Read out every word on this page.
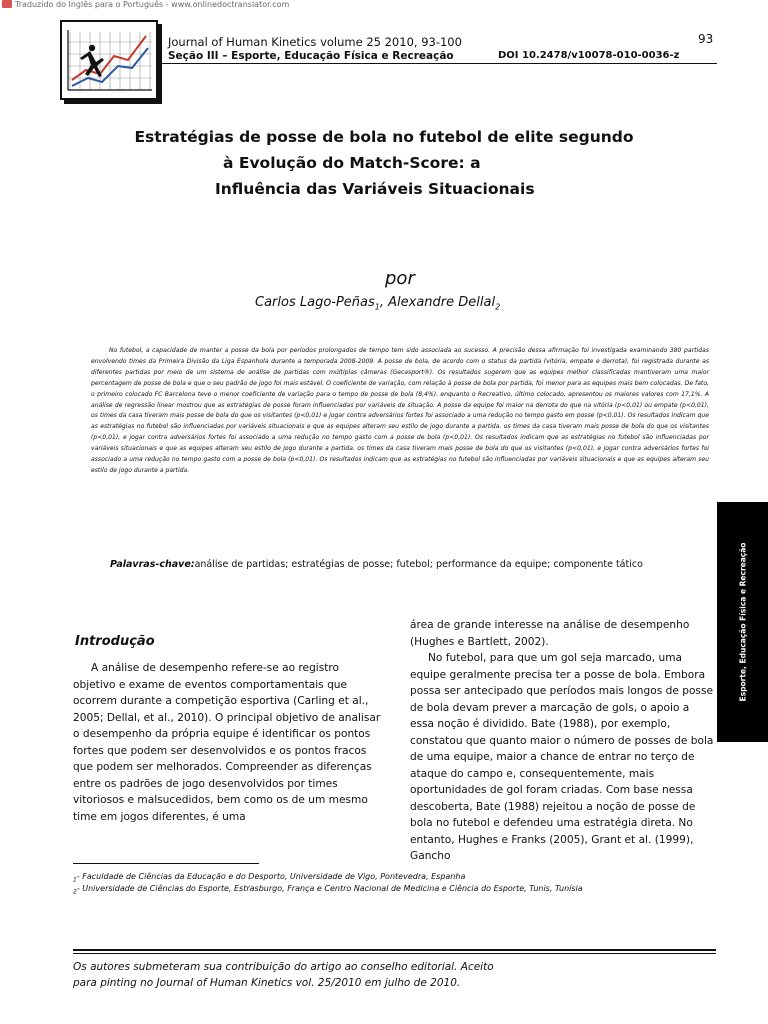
Traduzido do Inglês para o Português - www.onlinedoctranslator.com
Journal of Human Kinetics volume 25 2010, 93-100
Seção III – Esporte, Educação Física e Recreação	DOI 10.2478/v10078-010-0036-z
93
Estratégias de posse de bola no futebol de elite segundo
à Evolução do Match-Score: a
Influência das Variáveis Situacionais
por
Carlos Lago-Peñas$_1$, Alexandre Dellal$_2$
No futebol, a capacidade de manter a posse da bola por períodos prolongados de tempo tem sido associada ao sucesso. A precisão dessa afirmação foi investigada examinando 380 partidas envolvendo times da Primeira Divisão da Liga Espanhola durante a temporada 2008-2009. A posse de bola, de acordo com o status da partida (vitória, empate e derrota), foi registrada durante as diferentes partidas por meio de um sistema de análise de partidas com múltiplas câmeras (Gecasport®). Os resultados sugerem que as equipes melhor classificadas mantiveram uma maior percentagem de posse de bola e que o seu padrão de jogo foi mais estável. O coeficiente de variação, com relação à posse de bola por partida, foi menor para as equipes mais bem colocadas. De fato, o primeiro colocado FC Barcelona teve o menor coeficiente de variação para o tempo de posse de bola (8,4%). enquanto o Recreativo, último colocado, apresentou os maiores valores com 17,1%. A análise de regressão linear mostrou que as estratégias de posse foram influenciadas por variáveis de situação. A posse da equipe foi maior na derrota do que na vitória (p<0,01) ou empate (p<0,01), os times da casa tiveram mais posse de bola do que os visitantes (p<0,01) e jogar contra adversários fortes foi associado a uma redução no tempo gasto em posse (p<0,01). Os resultados indicam que as estratégias no futebol são influenciadas por variáveis situacionais e que as equipes alteram seu estilo de jogo durante a partida. os times da casa tiveram mais posse de bola do que os visitantes (p<0,01), e jogar contra adversários fortes foi associado a uma redução no tempo gasto com a posse de bola (p<0,01). Os resultados indicam que as estratégias no futebol são influenciadas por variáveis situacionais e que as equipes alteram seu estilo de jogo durante a partida. os times da casa tiveram mais posse de bola do que os visitantes (p<0,01), e jogar contra adversários fortes foi associado a uma redução no tempo gasto com a posse de bola (p<0,01). Os resultados indicam que as estratégias no futebol são influenciadas por variáveis situacionais e que as equipes alteram seu estilo de jogo durante a partida.
Palavras-chave:análise de partidas; estratégias de posse; futebol; performance da equipe; componente tático
Introdução

A análise de desempenho refere-se ao registro objetivo e exame de eventos comportamentais que ocorrem durante a competição esportiva (Carling et al., 2005; Dellal, et al., 2010). O principal objetivo de analisar o desempenho da própria equipe é identificar os pontos fortes que podem ser desenvolvidos e os pontos fracos que podem ser melhorados. Compreender as diferenças entre os padrões de jogo desenvolvidos por times vitoriosos e malsucedidos, bem como os de um mesmo time em jogos diferentes, é uma

área de grande interesse na análise de desempenho (Hughes e Bartlett, 2002).

No futebol, para que um gol seja marcado, uma equipe geralmente precisa ter a posse de bola. Embora possa ser antecipado que períodos mais longos de posse de bola devam prever a marcação de gols, o apoio a essa noção é dividido. Bate (1988), por exemplo, constatou que quanto maior o número de posses de bola de uma equipe, maior a chance de entrar no terço de ataque do campo e, consequentemente, mais oportunidades de gol foram criadas. Com base nessa descoberta, Bate (1988) rejeitou a noção de posse de bola no futebol e defendeu uma estratégia direta. No entanto, Hughes e Franks (2005), Grant et al. (1999), Gancho

Esporte, Educação Física e Recreação
$_1$- Faculdade de Ciências da Educação e do Desporto, Universidade de Vigo, Pontevedra, Espanha
$_2$- Universidade de Ciências do Esporte, Estrasburgo, França e Centro Nacional de Medicina e Ciência do Esporte, Tunis, Tunísia
Os autores submeteram sua contribuição do artigo ao conselho editorial. Aceito
para pinting no Journal of Human Kinetics vol. 25/2010 em julho de 2010.
